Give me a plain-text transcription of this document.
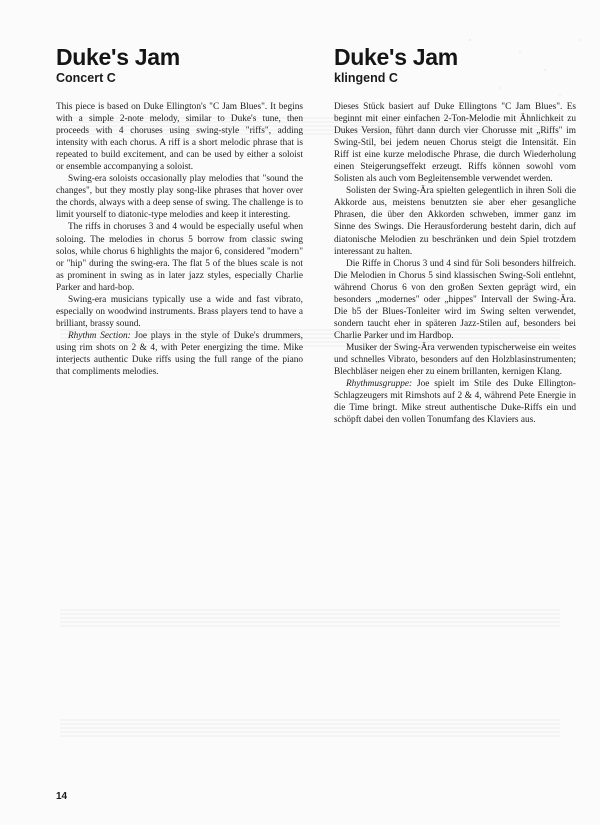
Duke's Jam
Concert C

This piece is based on Duke Ellington's "C Jam Blues". It begins with a simple 2-note melody, similar to Duke's tune, then proceeds with 4 choruses using swing-style "riffs", adding intensity with each chorus. A riff is a short melodic phrase that is repeated to build excitement, and can be used by either a soloist or ensemble accompanying a soloist.

Swing-era soloists occasionally play melodies that "sound the changes", but they mostly play song-like phrases that hover over the chords, always with a deep sense of swing. The challenge is to limit yourself to diatonic-type melodies and keep it interesting.

The riffs in choruses 3 and 4 would be especially useful when soloing. The melodies in chorus 5 borrow from classic swing solos, while chorus 6 highlights the major 6, considered "modern" or "hip" during the swing-era. The flat 5 of the blues scale is not as prominent in swing as in later jazz styles, especially Charlie Parker and hard-bop.

Swing-era musicians typically use a wide and fast vibrato, especially on woodwind instruments. Brass players tend to have a brilliant, brassy sound.

Rhythm Section: Joe plays in the style of Duke's drummers, using rim shots on 2 & 4, with Peter energizing the time. Mike interjects authentic Duke riffs using the full range of the piano that compliments melodies.

Duke's Jam
klingend C

Dieses Stück basiert auf Duke Ellingtons "C Jam Blues". Es beginnt mit einer einfachen 2-Ton-Melodie mit Ähnlichkeit zu Dukes Version, führt dann durch vier Chorusse mit „Riffs" im Swing-Stil, bei jedem neuen Chorus steigt die Intensität. Ein Riff ist eine kurze melodische Phrase, die durch Wiederholung einen Steigerungseffekt erzeugt. Riffs können sowohl vom Solisten als auch vom Begleitensemble verwendet werden.

Solisten der Swing-Ära spielten gelegentlich in ihren Soli die Akkorde aus, meistens benutzten sie aber eher gesangliche Phrasen, die über den Akkorden schweben, immer ganz im Sinne des Swings. Die Herausforderung besteht darin, dich auf diatonische Melodien zu beschränken und dein Spiel trotzdem interessant zu halten.

Die Riffe in Chorus 3 und 4 sind für Soli besonders hilfreich. Die Melodien in Chorus 5 sind klassischen Swing-Soli entlehnt, während Chorus 6 von den großen Sexten geprägt wird, ein besonders „modernes" oder „hippes" Intervall der Swing-Ära. Die b5 der Blues-Tonleiter wird im Swing selten verwendet, sondern taucht eher in späteren Jazz-Stilen auf, besonders bei Charlie Parker und im Hardbop.

Musiker der Swing-Ära verwenden typischerweise ein weites und schnelles Vibrato, besonders auf den Holzblasinstrumenten; Blechbläser neigen eher zu einem brillanten, kernigen Klang.

Rhythmusgruppe: Joe spielt im Stile des Duke Ellington-Schlagzeugers mit Rimshots auf 2 & 4, während Pete Energie in die Time bringt. Mike streut authentische Duke-Riffs ein und schöpft dabei den vollen Tonumfang des Klaviers aus.

14
